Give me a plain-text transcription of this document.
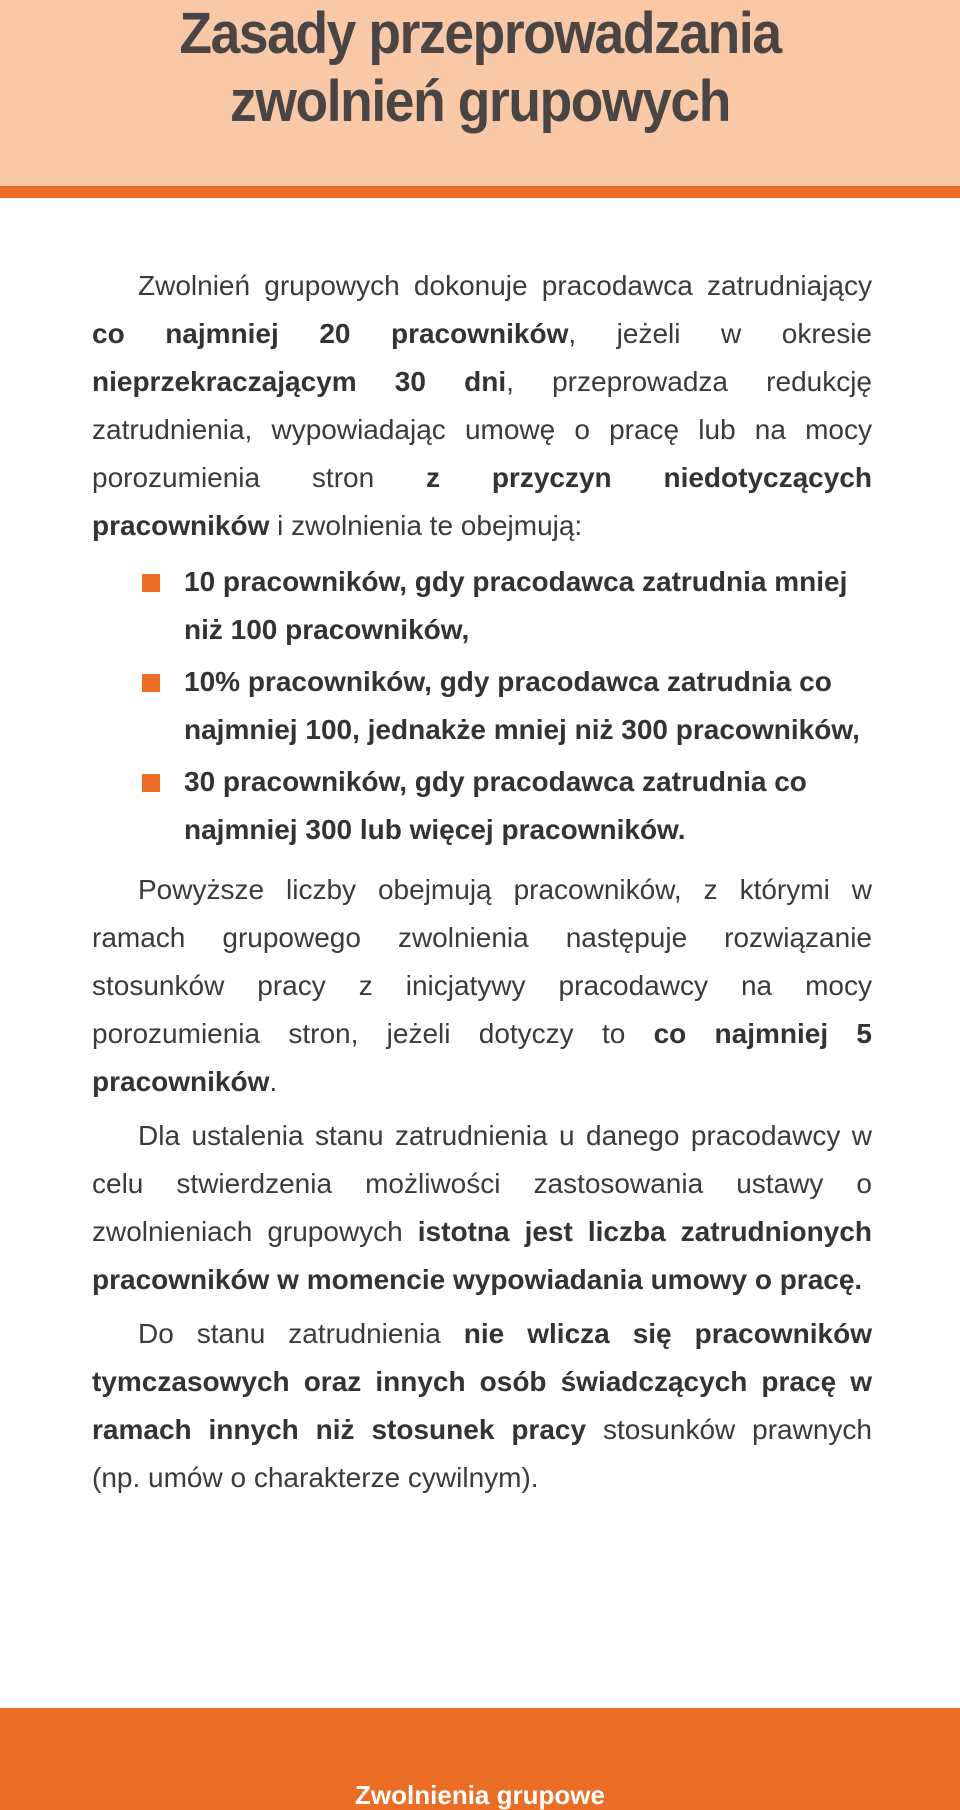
Zasady przeprowadzania
zwolnień grupowych

Zwolnień grupowych dokonuje pracodawca zatrudniający co najmniej 20 pracowników, jeżeli w okresie nieprzekraczającym 30 dni, przeprowadza redukcję zatrudnienia, wypowiadając umowę o pracę lub na mocy porozumienia stron z przyczyn niedotyczących pracowników i zwolnienia te obejmują:

10 pracowników, gdy pracodawca zatrudnia mniej niż 100 pracowników,
10% pracowników, gdy pracodawca zatrudnia co najmniej 100, jednakże mniej niż 300 pracowników,
30 pracowników, gdy pracodawca zatrudnia co najmniej 300 lub więcej pracowników.

Powyższe liczby obejmują pracowników, z którymi w ramach grupowego zwolnienia następuje rozwiązanie stosunków pracy z inicjatywy pracodawcy na mocy porozumienia stron, jeżeli dotyczy to co najmniej 5 pracowników.

Dla ustalenia stanu zatrudnienia u danego pracodawcy w celu stwierdzenia możliwości zastosowania ustawy o zwolnieniach grupowych istotna jest liczba zatrudnionych pracowników w momencie wypowiadania umowy o pracę.

Do stanu zatrudnienia nie wlicza się pracowników tymczasowych oraz innych osób świadczących pracę w ramach innych niż stosunek pracy stosunków prawnych (np. umów o charakterze cywilnym).

Zwolnienia grupowe
